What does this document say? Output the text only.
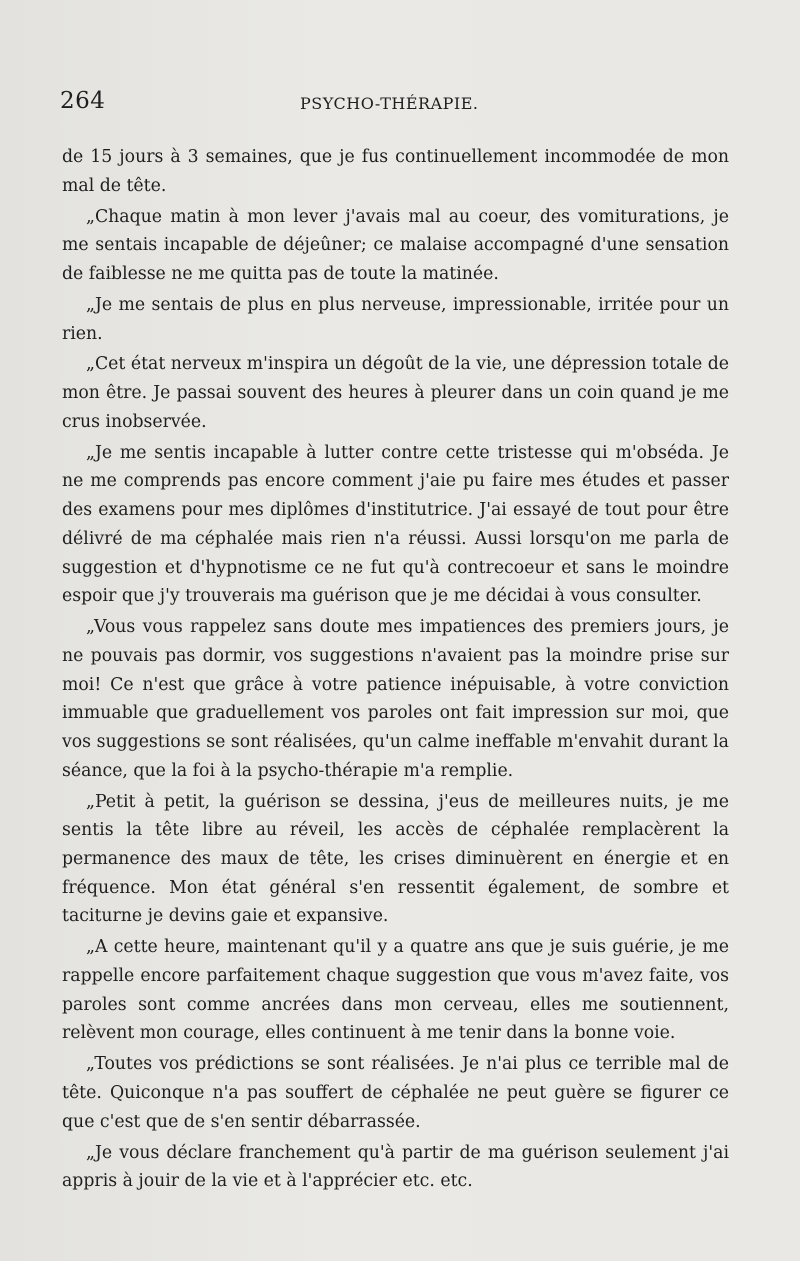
264	PSYCHO-THÉRAPIE.

de 15 jours à 3 semaines, que je fus continuellement incommodée de mon mal de tête.

„Chaque matin à mon lever j'avais mal au coeur, des vomiturations, je me sentais incapable de déjeûner; ce malaise accompagné d'une sensation de faiblesse ne me quitta pas de toute la matinée.

„Je me sentais de plus en plus nerveuse, impressionable, irritée pour un rien.

„Cet état nerveux m'inspira un dégoût de la vie, une dépression totale de mon être. Je passai souvent des heures à pleurer dans un coin quand je me crus inobservée.

„Je me sentis incapable à lutter contre cette tristesse qui m'obséda. Je ne me comprends pas encore comment j'aie pu faire mes études et passer des examens pour mes diplômes d'institutrice. J'ai essayé de tout pour être délivré de ma céphalée mais rien n'a réussi. Aussi lorsqu'on me parla de suggestion et d'hypnotisme ce ne fut qu'à contrecoeur et sans le moindre espoir que j'y trouverais ma guérison que je me décidai à vous consulter.

„Vous vous rappelez sans doute mes impatiences des premiers jours, je ne pouvais pas dormir, vos suggestions n'avaient pas la moindre prise sur moi! Ce n'est que grâce à votre patience inépuisable, à votre conviction immuable que graduellement vos paroles ont fait impression sur moi, que vos suggestions se sont réalisées, qu'un calme ineffable m'envahit durant la séance, que la foi à la psycho-thérapie m'a remplie.

„Petit à petit, la guérison se dessina, j'eus de meilleures nuits, je me sentis la tête libre au réveil, les accès de céphalée remplacèrent la permanence des maux de tête, les crises diminuèrent en énergie et en fréquence. Mon état général s'en ressentit également, de sombre et taciturne je devins gaie et expansive.

„A cette heure, maintenant qu'il y a quatre ans que je suis guérie, je me rappelle encore parfaitement chaque suggestion que vous m'avez faite, vos paroles sont comme ancrées dans mon cerveau, elles me soutiennent, relèvent mon courage, elles continuent à me tenir dans la bonne voie.

„Toutes vos prédictions se sont réalisées. Je n'ai plus ce terrible mal de tête. Quiconque n'a pas souffert de céphalée ne peut guère se figurer ce que c'est que de s'en sentir débarrassée.

„Je vous déclare franchement qu'à partir de ma guérison seulement j'ai appris à jouir de la vie et à l'apprécier etc. etc.
